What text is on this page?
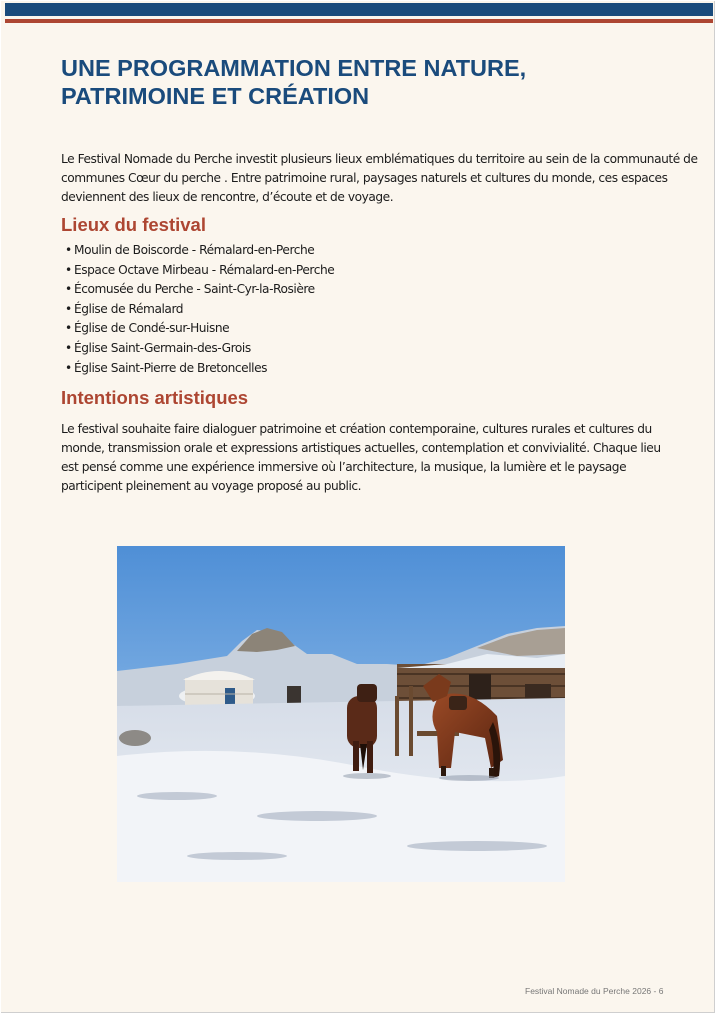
UNE PROGRAMMATION ENTRE NATURE,
PATRIMOINE ET CRÉATION

Le Festival Nomade du Perche investit plusieurs lieux emblématiques du territoire au sein de la communauté de
communes Cœur du perche . Entre patrimoine rural, paysages naturels et cultures du monde, ces espaces
deviennent des lieux de rencontre, d’écoute et de voyage.

Lieux du festival
• Moulin de Boiscorde - Rémalard-en-Perche
• Espace Octave Mirbeau - Rémalard-en-Perche
• Écomusée du Perche - Saint-Cyr-la-Rosière
• Église de Rémalard
• Église de Condé-sur-Huisne
• Église Saint-Germain-des-Grois
• Église Saint-Pierre de Bretoncelles
Intentions artistiques

Le festival souhaite faire dialoguer patrimoine et création contemporaine, cultures rurales et cultures du
monde, transmission orale et expressions artistiques actuelles, contemplation et convivialité. Chaque lieu
est pensé comme une expérience immersive où l’architecture, la musique, la lumière et le paysage
participent pleinement au voyage proposé au public.

Festival Nomade du Perche 2026 - 6
